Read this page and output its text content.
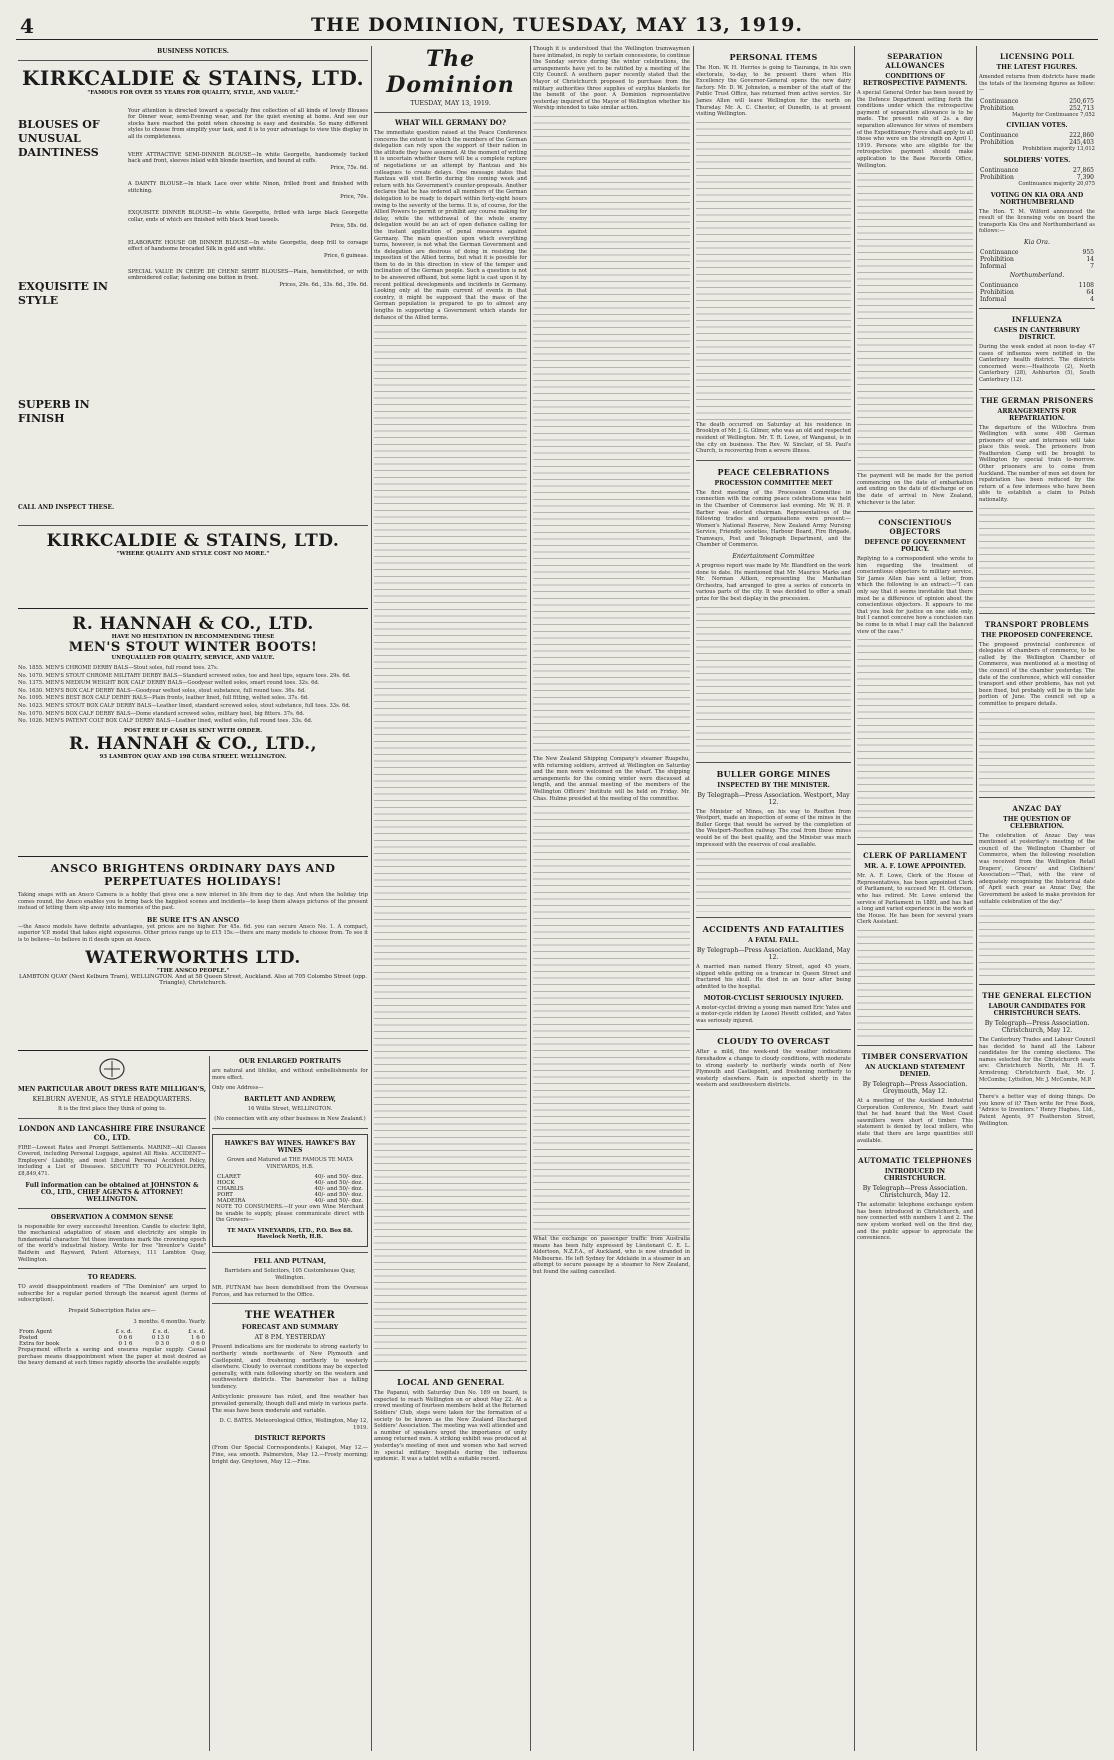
4	THE DOMINION, TUESDAY, MAY 13, 1919.
BUSINESS NOTICES.
KIRKCALDIE & STAINS, LTD.
"FAMOUS FOR OVER 55 YEARS FOR QUALITY, STYLE, AND VALUE."
BLOUSES OF UNUSUAL DAINTINESS
EXQUISITE IN STYLE
SUPERB IN FINISH
CALL AND INSPECT THESE.

Your attention is directed toward a specially fine collection of all kinds of lovely Blouses for Dinner wear, semi-Evening wear, and for the quiet evening at home. And see our stocks have reached the point when choosing is easy and desirable. So many different styles to choose from simplify your task, and it is to your advantage to view this display in all its completeness.

VERY ATTRACTIVE SEMI-DINNER BLOUSE—In white Georgette, handsomely tucked back and front, sleeves inlaid with blonde insertion, and bound at cuffs.

Price, 75s. 6d.

A DAINTY BLOUSE—In black Lace over white Ninon, frilled front and finished with stitching.

Price, 70s.

EXQUISITE DINNER BLOUSE—In white Georgette, frilled with large black Georgette collar, ends of which are finished with black bead tassels.

Price, 58s. 6d.

ELABORATE HOUSE OR DINNER BLOUSE—In white Georgette, deep frill to corsage effect of handsome brocaded Silk in gold and white.

Price, 6 guineas.

SPECIAL VALUE IN CREPE DE CHENE SHIRT BLOUSES—Plain, hemstitched, or with embroidered collar, fastening one button in front.

Prices, 29s. 6d., 33s. 6d., 39s. 6d.

KIRKCALDIE & STAINS, LTD.
"WHERE QUALITY AND STYLE COST NO MORE."
R. HANNAH & CO., LTD.
HAVE NO HESITATION IN RECOMMENDING THESE
MEN'S STOUT WINTER BOOTS!
UNEQUALLED FOR QUALITY, SERVICE, AND VALUE.

No. 1855. MEN'S CHROME DERBY BALS—Stout soles, full round toes. 27s.

No. 1070. MEN'S STOUT CHROME MILITARY DERBY BALS—Standard screwed soles, toe and heel tips, square toes. 29s. 6d.

No. 1375. MEN'S MEDIUM WEIGHT BOX CALF DERBY BALS—Goodyear welted soles, smart round toes. 32s. 6d.

No. 1630. MEN'S BOX CALF DERBY BALS—Goodyear welted soles, stout substance, full round toes. 36s. 6d.

No. 1095. MEN'S BEST BOX CALF DERBY BALS—Plain fronts, leather lined, full fitting, welted soles. 37s. 6d.

No. 1023. MEN'S STOUT BOX CALF DERBY BALS—Leather lined, standard screwed soles, stout substance, full toes. 33s. 6d.

No. 1070. MEN'S BOX CALF DERBY BALS—Dome standard screwed soles, military heel, big fitters. 37s. 6d.

No. 1026. MEN'S PATENT COLT BOX CALF DERBY BALS—Leather lined, welted soles, full round toes. 33s. 6d.

POST FREE IF CASH IS SENT WITH ORDER.
R. HANNAH & CO., LTD.,
93 LAMBTON QUAY AND 198 CUBA STREET. WELLINGTON.
ANSCO BRIGHTENS ORDINARY DAYS AND PERPETUATES HOLIDAYS!

Taking snaps with an Ansco Camera is a hobby that gives one a new interest in life from day to day. And when the holiday trip comes round, the Ansco enables you to bring back the happiest scenes and incidents—to keep them always pictures of the present instead of letting them slip away into memories of the past.

BE SURE IT'S AN ANSCO

—the Ansco models have definite advantages, yet prices are no higher. For 45s. 6d. you can secure Ansco No. 1. A compact, superior V.P. model that takes eight exposures. Other prices range up to £15 15s.—there are many models to choose from. To see it is to believe—to believe in it deeds upon an Ansco.

WATERWORTHS LTD.
"THE ANSCO PEOPLE."
LAMBTON QUAY (Next Kelburn Tram), WELLINGTON. And at 58 Queen Street, Auckland. Also at 705 Colombo Street (opp. Triangle), Christchurch.
MEN PARTICULAR ABOUT DRESS RATE MILLIGAN'S,
KELBURN AVENUE, AS STYLE HEADQUARTERS.

It is the first place they think of going to.

LONDON AND LANCASHIRE FIRE INSURANCE CO., LTD.

FIRE—Lowest Rates and Prompt Settlements. MARINE—All Classes Covered, including Personal Luggage, against All Risks. ACCIDENT—Employers' Liability, and most Liberal Personal Accident Policy, including a List of Diseases. SECURITY TO POLICYHOLDERS, £8,849,471.

Full information can be obtained at JOHNSTON & CO., LTD., CHIEF AGENTS & ATTORNEY! WELLINGTON.
OBSERVATION A COMMON SENSE

is responsible for every successful Invention. Candle to electric light, the mechanical adaptation of steam and electricity are simple in fundamental character. Yet these inventions mark the crowning epoch of the world's industrial history. Write for free "Inventor's Guide" Baldwin and Rayward, Patent Attorneys, 111 Lambton Quay, Wellington.

TO READERS.

TO avoid disappointment readers of "The Dominion" are urged to subscribe for a regular period through the nearest agent (terms of subscription).

Prepaid Subscription Rates are—

3 months. 6 months. Yearly.
From Agent	£ s. d.	£ s. d.	£ s. d.
Posted	0 6 6	0 13 0	1 6 0
Extra for book	0 1 6	0 3 0	0 6 0

Prepayment effects a saving and ensures regular supply. Casual purchase means disappointment when the paper at most desired as the heavy demand at such times rapidly absorbs the available supply.

OUR ENLARGED PORTRAITS

are natural and lifelike, and without embellishments for more effect.

Only one Address—

BARTLETT AND ANDREW,

16 Willis Street, WELLINGTON.

(No connection with any other business in New Zealand.)

HAWKE'S BAY WINES. HAWKE'S BAY WINES

Grown and Matured at THE FAMOUS TE MATA VINEYARDS, H.B.

CLARET	40/- and 50/- doz.
HOCK	40/- and 50/- doz.
CHABLIS	40/- and 50/- doz.
PORT	40/- and 50/- doz.
MADEIRA	40/- and 50/- doz.

NOTE TO CONSUMERS.—If your own Wine Merchant be unable to supply, please communicate direct with the Growers—

TE MATA VINEYARDS, LTD., P.O. Box 88. Havelock North, H.B.
FELL AND PUTNAM,

Barristers and Solicitors, 105 Customhouse Quay, Wellington.

MR. PUTNAM has been demobilised from the Overseas Forces, and has returned to the Office.

THE WEATHER
FORECAST AND SUMMARY
AT 8 P.M. YESTERDAY

Present indications are for moderate to strong easterly to northerly winds northwards of New Plymouth and Castlepoint, and freshening northerly to westerly elsewhere. Cloudy to overcast conditions may be expected generally, with rain following shortly on the western and southwestern districts. The barometer has a falling tendency.

Anticyclonic pressure has ruled, and fine weather has prevailed generally, though dull and misty in various parts. The seas have been moderate and variable.

D. C. BATES. Meteorological Office, Wellington, May 12, 1919.

DISTRICT REPORTS

(From Our Special Correspondents.) Kaiapoi, May 12.—Fine, sea smooth. Palmerston, May 12.—Frosty morning; bright day. Greytown, May 12.—Fine.

The Dominion
TUESDAY, MAY 13, 1919.
WHAT WILL GERMANY DO?

The immediate question raised at the Peace Conference concerns the extent to which the members of the German delegation can rely upon the support of their nation in the attitude they have assumed. At the moment of writing it is uncertain whether there will be a complete rupture of negotiations or an attempt by Rantzau and his colleagues to create delays. One message states that Rantzau will visit Berlin during the coming week and return with his Government's counter-proposals. Another declares that he has ordered all members of the German delegation to be ready to depart within forty-eight hours owing to the severity of the terms. It is, of course, for the Allied Powers to permit or prohibit any course making for delay, while the withdrawal of the whole enemy delegation would be an act of open defiance calling for the instant application of penal measures against Germany. The main question upon which everything turns, however, is not what the German Government and its delegation are desirous of doing in resisting the imposition of the Allied terms, but what it is possible for them to do in this direction in view of the temper and inclination of the German people. Such a question is not to be answered offhand, but some light is cast upon it by recent political developments and incidents in Germany. Looking only at the main current of events in that country, it might be supposed that the mass of the German population is prepared to go to almost any lengths in supporting a Government which stands for defiance of the Allied terms.

LOCAL AND GENERAL

The Papanui, with Saturday Dun No. 189 on board, is expected to reach Wellington on or about May 22. At a crowd meeting of fourteen members held at the Returned Soldiers' Club, steps were taken for the formation of a society to be known as the New Zealand Discharged Soldiers' Association. The meeting was well attended and a number of speakers urged the importance of unity among returned men. A striking exhibit was produced at yesterday's meeting of men and women who had served in special military hospitals during the influenza epidemic. It was a tablet with a suitable record.

Though it is understood that the Wellington tramwaymen have intimated, in reply to certain concessions, to continue the Sunday service during the winter celebrations, the arrangements have yet to be ratified by a meeting of the City Council. A southern paper recently stated that the Mayor of Christchurch proposed to purchase from the military authorities three supplies of surplus blankets for the benefit of the poor. A Dominion representative yesterday inquired of the Mayor of Wellington whether his Worship intended to take similar action.

The New Zealand Shipping Company's steamer Ruapehu, with returning soldiers, arrived at Wellington on Saturday and the men were welcomed on the wharf. The shipping arrangements for the coming winter were discussed at length, and the annual meeting of the members of the Wellington Officers' Institute will be held on Friday. Mr. Chas. Hulme presided at the meeting of the committee.

What the exchange on passenger traffic from Australia means has been fully expressed by Lieutenant C. E. L. Aldertoon, N.Z.F.A., of Auckland, who is now stranded in Melbourne. He left Sydney for Adelaide in a steamer in an attempt to secure passage by a steamer to New Zealand, but found the sailing cancelled.

PERSONAL ITEMS

The Hon. W. H. Herries is going to Tauranga, in his own electorate, to-day, to be present there when His Excellency the Governor-General opens the new dairy factory. Mr. D. W. Johnston, a member of the staff of the Public Trust Office, has returned from active service. Sir James Allen will leave Wellington for the north on Thursday. Mr. A. C. Chester, of Dunedin, is at present visiting Wellington.

The death occurred on Saturday at his residence in Brooklyn of Mr. J. G. Gilmer, who was an old and respected resident of Wellington. Mr. T. R. Lowe, of Wanganui, is in the city on business. The Rev. W. Sinclair, of St. Paul's Church, is recovering from a severe illness.

PEACE CELEBRATIONS
PROCESSION COMMITTEE MEET

The first meeting of the Procession Committee in connection with the coming peace celebrations was held in the Chamber of Commerce last evening. Mr. W. H. P. Barber was elected chairman. Representatives of the following trades and organisations were present:—Women's National Reserve, New Zealand Army Nursing Service, Friendly societies, Harbour Board, Fire Brigade, Tramways, Post and Telegraph Department, and the Chamber of Commerce.

Entertainment Committee

A progress report was made by Mr. Blandford on the work done to date. He mentioned that Mr. Maurice Marks and Mr. Norman Aitken, representing the Manhattan Orchestra, had arranged to give a series of concerts in various parts of the city. It was decided to offer a small prize for the best display in the procession.

BULLER GORGE MINES
INSPECTED BY THE MINISTER.
By Telegraph—Press Association. Westport, May 12.

The Minister of Mines, on his way to Reefton from Westport, made an inspection of some of the mines in the Buller Gorge that would be served by the completion of the Westport–Reefton railway. The coal from these mines would be of the best quality, and the Minister was much impressed with the reserves of coal available.

ACCIDENTS AND FATALITIES
A FATAL FALL.
By Telegraph—Press Association. Auckland, May 12.

A married man named Henry Street, aged 45 years, slipped while getting on a tramcar in Queen Street and fractured his skull. He died in an hour after being admitted to the hospital.

MOTOR-CYCLIST SERIOUSLY INJURED.

A motor-cyclist driving a young man named Eric Yates and a motor-cycle ridden by Leonel Hewitt collided, and Yates was seriously injured.

CLOUDY TO OVERCAST

After a mild, fine week-end the weather indications foreshadow a change to cloudy conditions, with moderate to strong easterly to northerly winds north of New Plymouth and Castlepoint, and freshening northerly to westerly elsewhere. Rain is expected shortly in the western and southwestern districts.

SEPARATION ALLOWANCES
CONDITIONS OF RETROSPECTIVE PAYMENTS.

A special General Order has been issued by the Defence Department setting forth the conditions under which the retrospective payment of separation allowance is to be made. The present rate of 2s. a day separation allowance for wives of members of the Expeditionary Force shall apply to all those who were on the strength on April 1, 1919. Persons who are eligible for the retrospective payment should make application to the Base Records Office, Wellington.

The payment will be made for the period commencing on the date of embarkation and ending on the date of discharge or on the date of arrival in New Zealand, whichever is the later.

CONSCIENTIOUS OBJECTORS
DEFENCE OF GOVERNMENT POLICY.

Replying to a correspondent who wrote to him regarding the treatment of conscientious objectors to military service, Sir James Allen has sent a letter, from which the following is an extract:—"I can only say that it seems inevitable that there must be a difference of opinion about the conscientious objectors. It appears to me that you look for justice on one side only, but I cannot conceive how a conclusion can be come to in what I may call the balanced view of the case."

CLERK OF PARLIAMENT
MR. A. F. LOWE APPOINTED.

Mr. A. F. Lowe, Clerk of the House of Representatives, has been appointed Clerk of Parliament, to succeed Mr. H. Otterson, who has retired. Mr. Lowe entered the service of Parliament in 1889, and has had a long and varied experience in the work of the House. He has been for several years Clerk Assistant.

TIMBER CONSERVATION
AN AUCKLAND STATEMENT DENIED.
By Telegraph—Press Association. Greymouth, May 12.

At a meeting of the Auckland Industrial Corporation Conference, Mr. Ewart said that he had heard that the West Coast sawmillers were short of timber. This statement is denied by local millers, who state that there are large quantities still available.

AUTOMATIC TELEPHONES
INTRODUCED IN CHRISTCHURCH.
By Telegraph—Press Association. Christchurch, May 12.

The automatic telephone exchange system has been introduced in Christchurch, and now connected with numbers 1 and 2. The new system worked well on the first day, and the public appear to appreciate the convenience.

LICENSING POLL
THE LATEST FIGURES.

Amended returns from districts have made the totals of the licensing figures as follow:—

Continuance	250,675
Prohibition	252,713

Majority for Continuance 7,052

CIVILIAN VOTES.
Continuance	222,860
Prohibition	245,403

Prohibition majority 13,012

SOLDIERS' VOTES.
Continuance	27,865
Prohibition	7,390

Continuance majority 20,075

VOTING ON KIA ORA AND NORTHUMBERLAND

The Hon. T. M. Wilford announced the result of the licensing vote on board the transports Kia Ora and Northumberland as follows:—

Kia Ora.
Continuance	955
Prohibition	14
Informal	7
Northumberland.
Continuance	1108
Prohibition	64
Informal	4
INFLUENZA
CASES IN CANTERBURY DISTRICT.

During the week ended at noon to-day 47 cases of influenza were notified in the Canterbury health district. The districts concerned were:—Heathcote (2), North Canterbury (28), Ashburton (5), South Canterbury (12).

THE GERMAN PRISONERS
ARRANGEMENTS FOR REPATRIATION.

The departure of the Willochra from Wellington with some 498 German prisoners of war and internees will take place this week. The prisoners from Featherston Camp will be brought to Wellington by special train to-morrow. Other prisoners are to come from Auckland. The number of men set down for repatriation has been reduced by the return of a few internees who have been able to establish a claim to Polish nationality.

TRANSPORT PROBLEMS
THE PROPOSED CONFERENCE.

The proposed provincial conference of delegates of chambers of commerce, to be called by the Wellington Chamber of Commerce, was mentioned at a meeting of the council of the chamber yesterday. The date of the conference, which will consider transport and other problems, has not yet been fixed, but probably will be in the late portion of June. The council set up a committee to prepare details.

ANZAC DAY
THE QUESTION OF CELEBRATION.

The celebration of Anzac Day was mentioned at yesterday's meeting of the council of the Wellington Chamber of Commerce, when the following resolution was received from the Wellington Retail Drapers', Grocers' and Clothiers' Association:—"That, with the view of adequately recognising the historical date of April each year as Anzac Day, the Government be asked to make provision for suitable celebration of the day."

THE GENERAL ELECTION
LABOUR CANDIDATES FOR CHRISTCHURCH SEATS.
By Telegraph—Press Association. Christchurch, May 12.

The Canterbury Trades and Labour Council has decided to hand all the Labour candidates for the coming elections. The names selected for the Christchurch seats are: Christchurch North, Mr. H. T. Armstrong; Christchurch East, Mr. J. McCombs; Lyttelton, Mr. J. McCombs, M.P.

There's a better way of doing things. Do you know of it? Then write for Free Book, "Advice to Inventors." Henry Hughes, Ltd., Patent Agents, 97 Featherston Street, Wellington.
